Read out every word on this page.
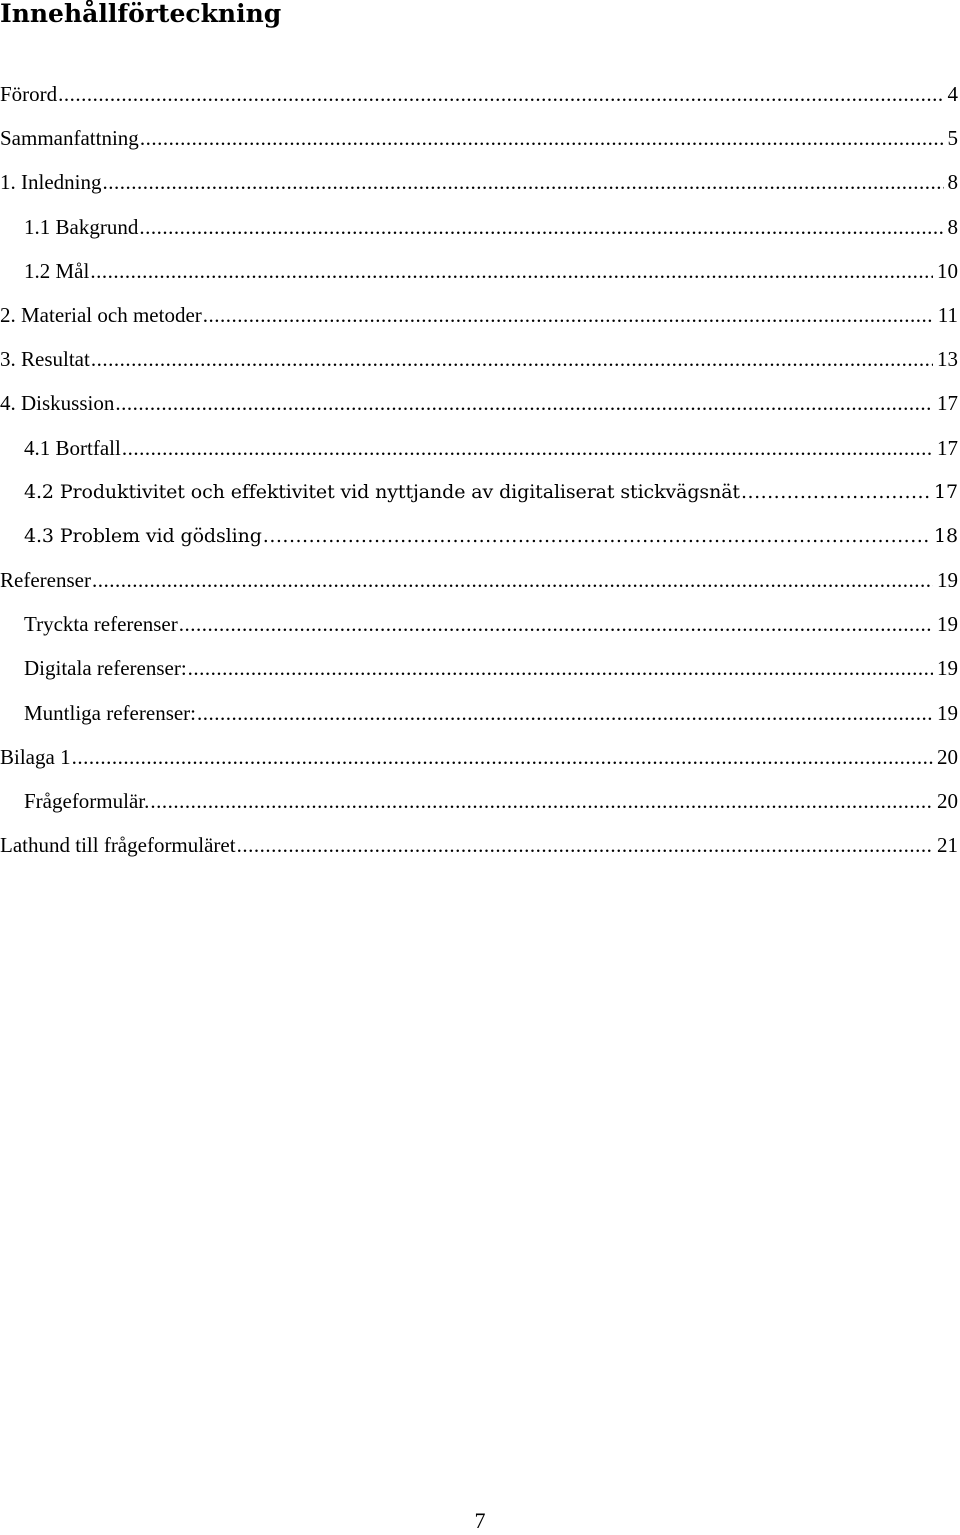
Innehållförteckning
Förord .....	4
Sammanfattning .....	5
1. Inledning .....	8
1.1 Bakgrund .....	8
1.2 Mål .....	10
2. Material och metoder .....	11
3. Resultat .....	13
4. Diskussion .....	17
4.1 Bortfall .....	17
4.2 Produktivitet och effektivitet vid nyttjande av digitaliserat stickvägsnät .....	17
4.3 Problem vid gödsling .....	18
Referenser .....	19
Tryckta referenser .....	19
Digitala referenser: .....	19
Muntliga referenser: .....	19
Bilaga 1 .....	20
Frågeformulär. .....	20
Lathund till frågeformuläret .....	21
7
